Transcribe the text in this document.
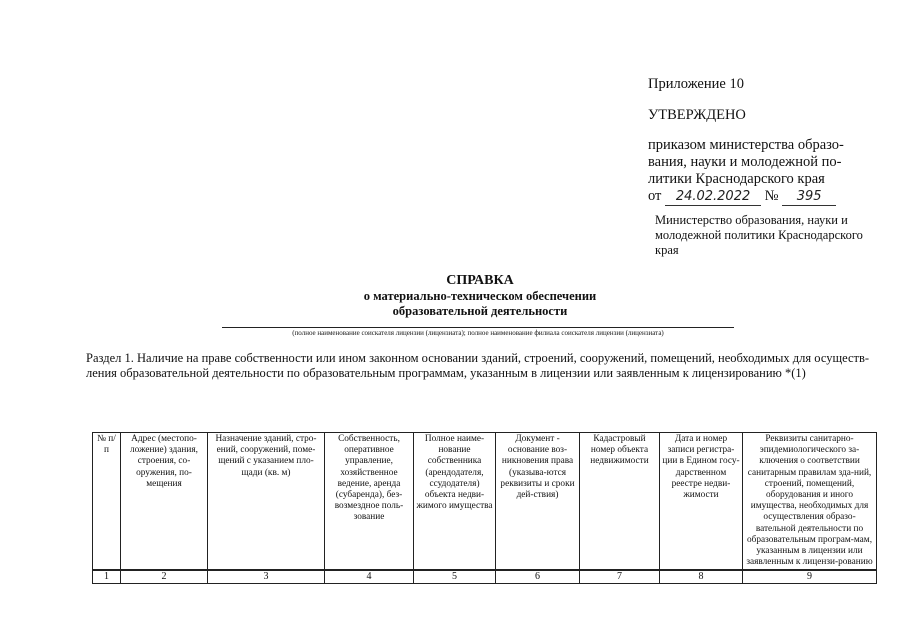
Приложение 10
УТВЕРЖДЕНО
приказом министерства образо-вания, науки и молодежной по-литики Краснодарского края
от 24.02.2022 № 395
Министерство образования, науки и молодежной политики Краснодарского края
СПРАВКА
о материально-техническом обеспечении
образовательной деятельности
(полное наименование соискателя лицензии (лицензиата); полное наименование филиала соискателя лицензии (лицензиата)
Раздел 1. Наличие на праве собственности или ином законном основании зданий, строений, сооружений, помещений, необходимых для осуществ-ления образовательной деятельности по образовательным программам, указанным в лицензии или заявленным к лицензированию *(1)
№ п/п	Адрес (местопо-ложение) здания, строения, со-оружения, по-мещения	Назначение зданий, стро-ений, сооружений, поме-щений с указанием пло-щади (кв. м)	Собственность, оперативное управление, хозяйственное ведение, аренда (субаренда), без-возмездное поль-зование	Полное наиме-нование собственника (арендодателя, ссудодателя) объекта недви-жимого имущества	Документ - основание воз-никновения права (указыва-ются реквизиты и сроки дей-ствия)	Кадастровый номер объекта недвижимости	Дата и номер записи регистра-ции в Едином госу-дарственном реестре недви-жимости	Реквизиты санитарно-эпидемиологического за-ключения о соответствии санитарным правилам зда-ний, строений, помещений, оборудования и иного имущества, необходимых для осуществления образо-вательной деятельности по образовательным програм-мам, указанным в лицензии или заявленным к лицензи-рованию
1	2	3	4	5	6	7	8	9
